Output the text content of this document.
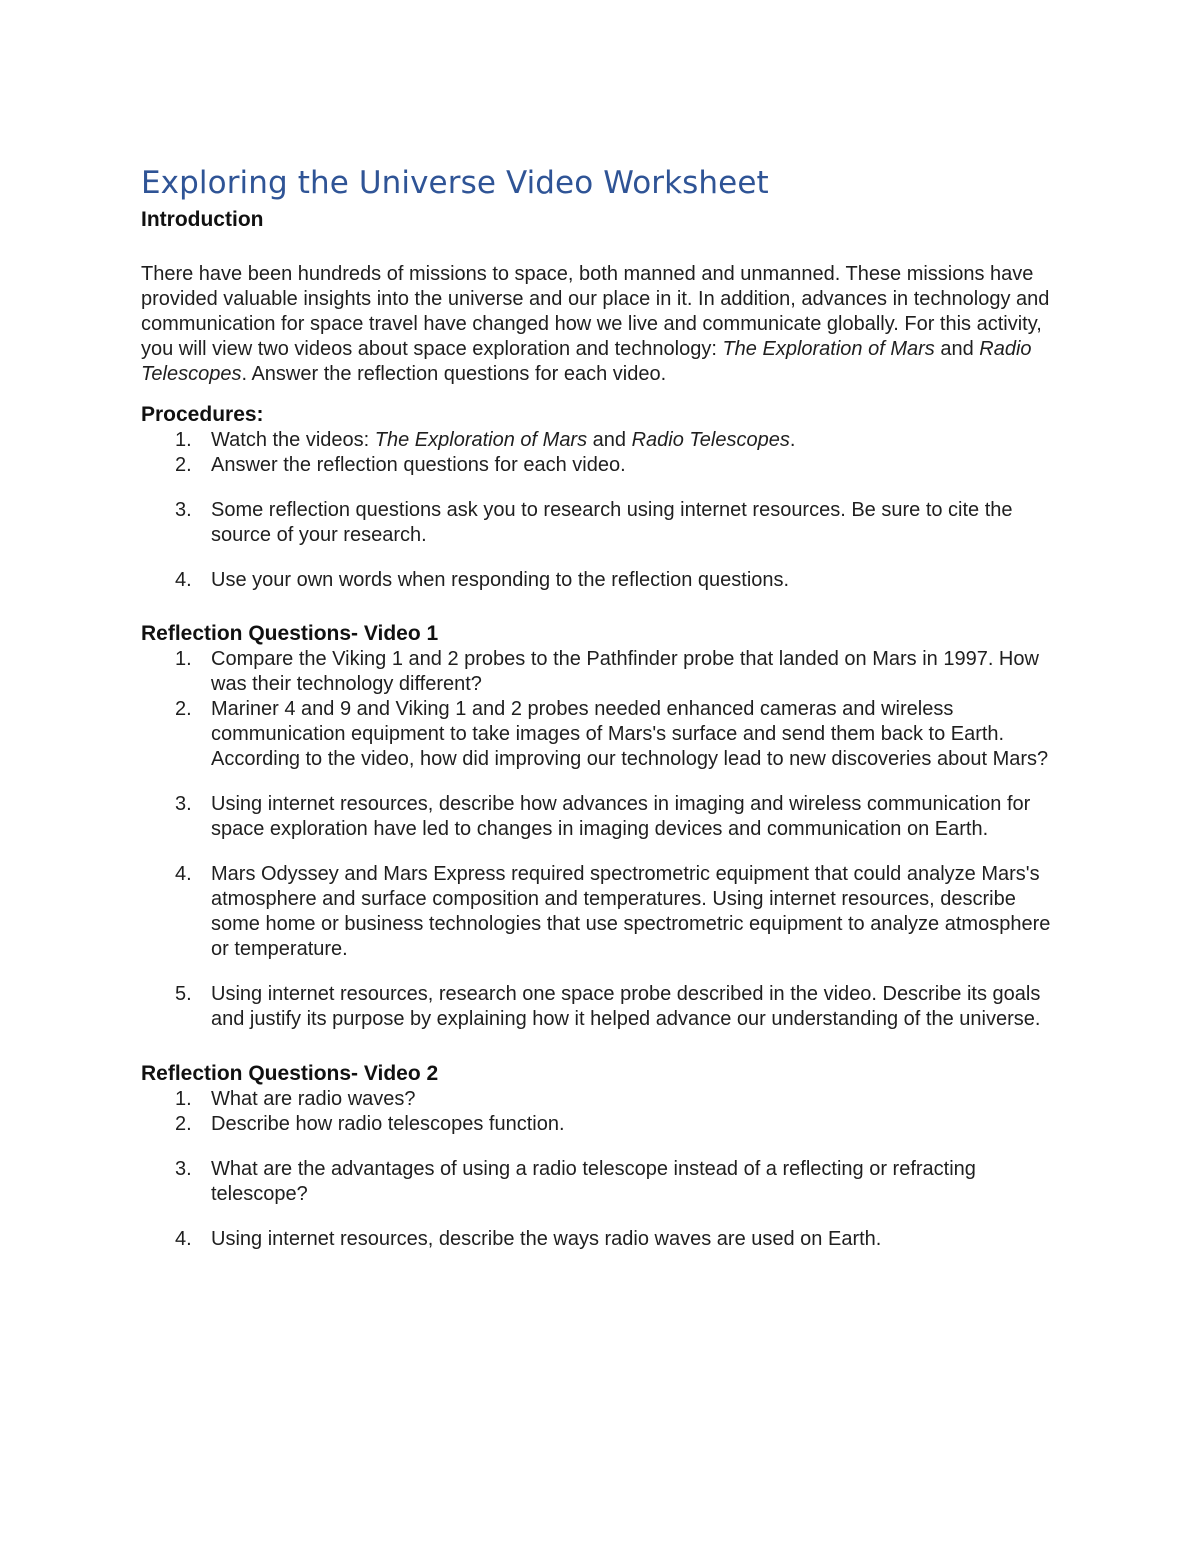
Exploring the Universe Video Worksheet
Introduction

There have been hundreds of missions to space, both manned and unmanned. These missions have provided valuable insights into the universe and our place in it. In addition, advances in technology and communication for space travel have changed how we live and communicate globally. For this activity, you will view two videos about space exploration and technology: The Exploration of Mars and Radio Telescopes. Answer the reflection questions for each video.

Procedures:
1. Watch the videos: The Exploration of Mars and Radio Telescopes.
2. Answer the reflection questions for each video.
3. Some reflection questions ask you to research using internet resources. Be sure to cite the source of your research.
4. Use your own words when responding to the reflection questions.
Reflection Questions- Video 1
1. Compare the Viking 1 and 2 probes to the Pathfinder probe that landed on Mars in 1997. How was their technology different?
2. Mariner 4 and 9 and Viking 1 and 2 probes needed enhanced cameras and wireless communication equipment to take images of Mars's surface and send them back to Earth. According to the video, how did improving our technology lead to new discoveries about Mars?
3. Using internet resources, describe how advances in imaging and wireless communication for space exploration have led to changes in imaging devices and communication on Earth.
4. Mars Odyssey and Mars Express required spectrometric equipment that could analyze Mars's atmosphere and surface composition and temperatures. Using internet resources, describe some home or business technologies that use spectrometric equipment to analyze atmosphere or temperature.
5. Using internet resources, research one space probe described in the video. Describe its goals and justify its purpose by explaining how it helped advance our understanding of the universe.
Reflection Questions- Video 2
1. What are radio waves?
2. Describe how radio telescopes function.
3. What are the advantages of using a radio telescope instead of a reflecting or refracting telescope?
4. Using internet resources, describe the ways radio waves are used on Earth.
